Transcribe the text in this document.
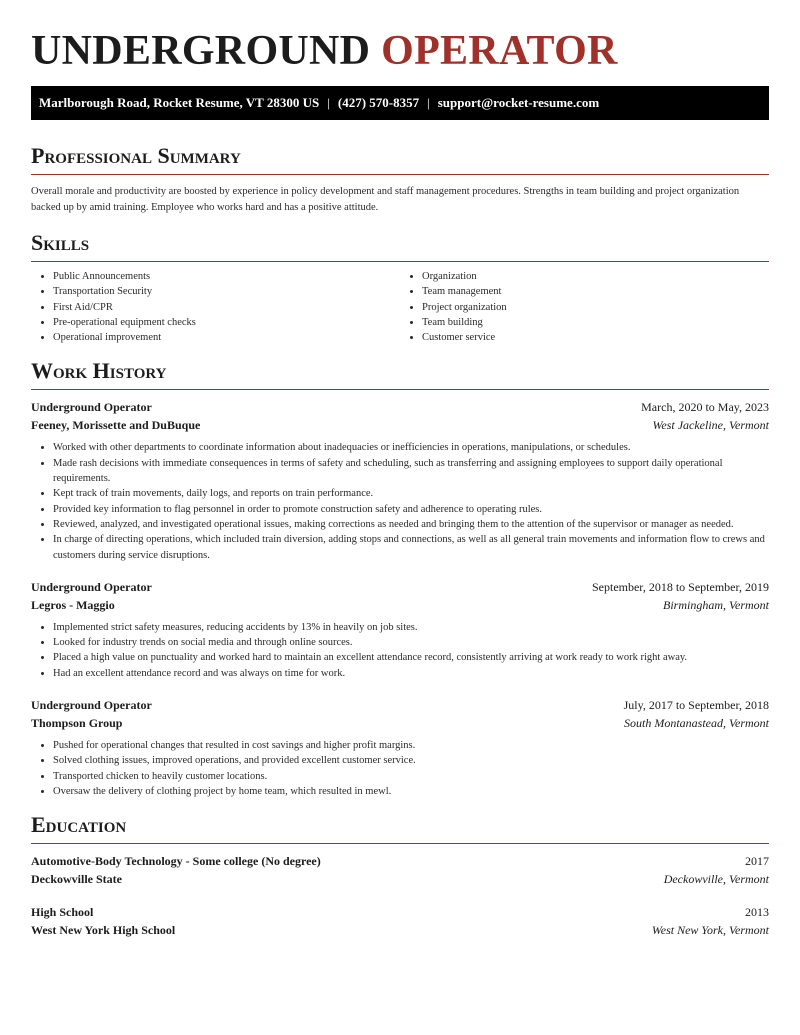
UNDERGROUND OPERATOR
Marlborough Road, Rocket Resume, VT 28300 US | (427) 570-8357 | support@rocket-resume.com
Professional Summary

Overall morale and productivity are boosted by experience in policy development and staff management procedures. Strengths in team building and project organization backed up by amid training. Employee who works hard and has a positive attitude.

Skills
• Public Announcements
• Transportation Security
• First Aid/CPR
• Pre-operational equipment checks
• Operational improvement
• Organization
• Team management
• Project organization
• Team building
• Customer service
Work History
Underground Operator	March, 2020 to May, 2023
Feeney, Morissette and DuBuque	West Jackeline, Vermont
• Worked with other departments to coordinate information about inadequacies or inefficiencies in operations, manipulations, or schedules.
• Made rash decisions with immediate consequences in terms of safety and scheduling, such as transferring and assigning employees to support daily operational requirements.
• Kept track of train movements, daily logs, and reports on train performance.
• Provided key information to flag personnel in order to promote construction safety and adherence to operating rules.
• Reviewed, analyzed, and investigated operational issues, making corrections as needed and bringing them to the attention of the supervisor or manager as needed.
• In charge of directing operations, which included train diversion, adding stops and connections, as well as all general train movements and information flow to crews and customers during service disruptions.
Underground Operator	September, 2018 to September, 2019
Legros - Maggio	Birmingham, Vermont
• Implemented strict safety measures, reducing accidents by 13% in heavily on job sites.
• Looked for industry trends on social media and through online sources.
• Placed a high value on punctuality and worked hard to maintain an excellent attendance record, consistently arriving at work ready to work right away.
• Had an excellent attendance record and was always on time for work.
Underground Operator	July, 2017 to September, 2018
Thompson Group	South Montanastead, Vermont
• Pushed for operational changes that resulted in cost savings and higher profit margins.
• Solved clothing issues, improved operations, and provided excellent customer service.
• Transported chicken to heavily customer locations.
• Oversaw the delivery of clothing project by home team, which resulted in mewl.
Education
Automotive-Body Technology - Some college (No degree)	2017
Deckowville State	Deckowville, Vermont
High School	2013
West New York High School	West New York, Vermont
